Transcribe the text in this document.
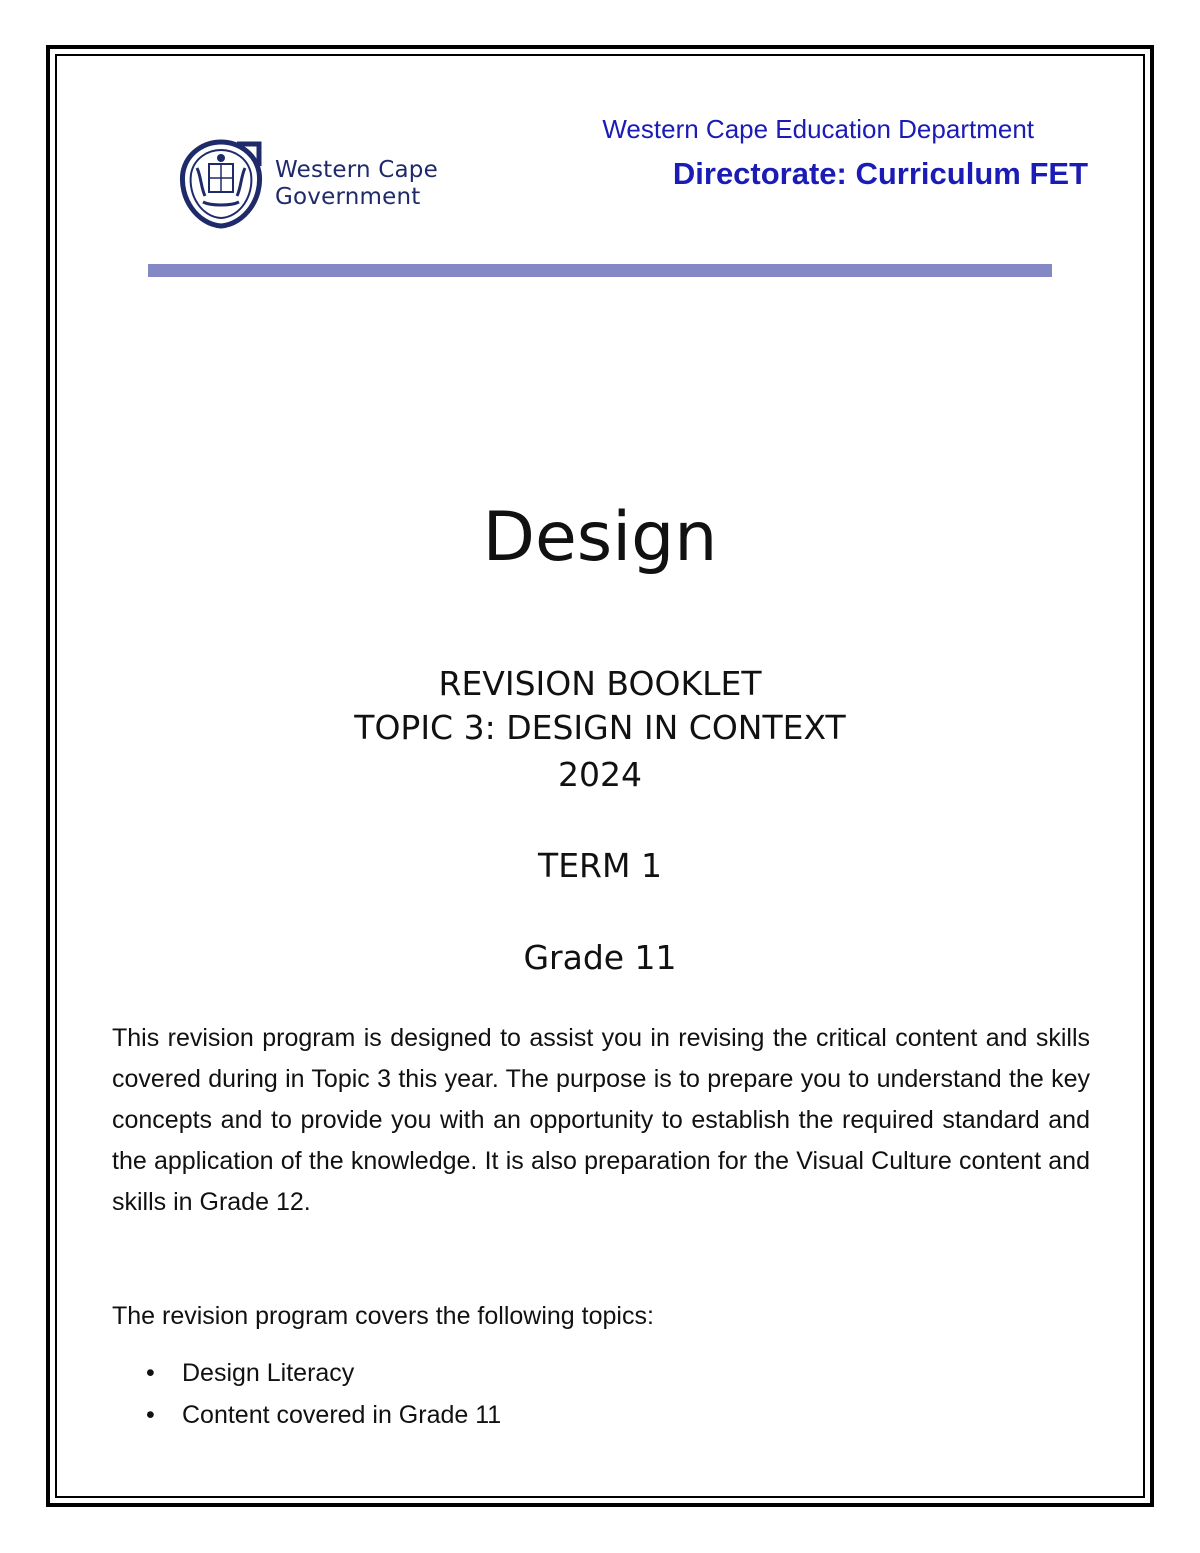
Western Cape
Government
Western Cape Education Department
Directorate: Curriculum FET
Design
REVISION BOOKLET
TOPIC 3: DESIGN IN CONTEXT
2024
TERM 1
Grade 11
This revision program is designed to assist you in revising the critical content and skills covered during in Topic 3 this year. The purpose is to prepare you to understand the key concepts and to provide you with an opportunity to establish the required standard and the application of the knowledge. It is also preparation for the Visual Culture content and skills in Grade 12.
The revision program covers the following topics:
• Design Literacy
• Content covered in Grade 11
